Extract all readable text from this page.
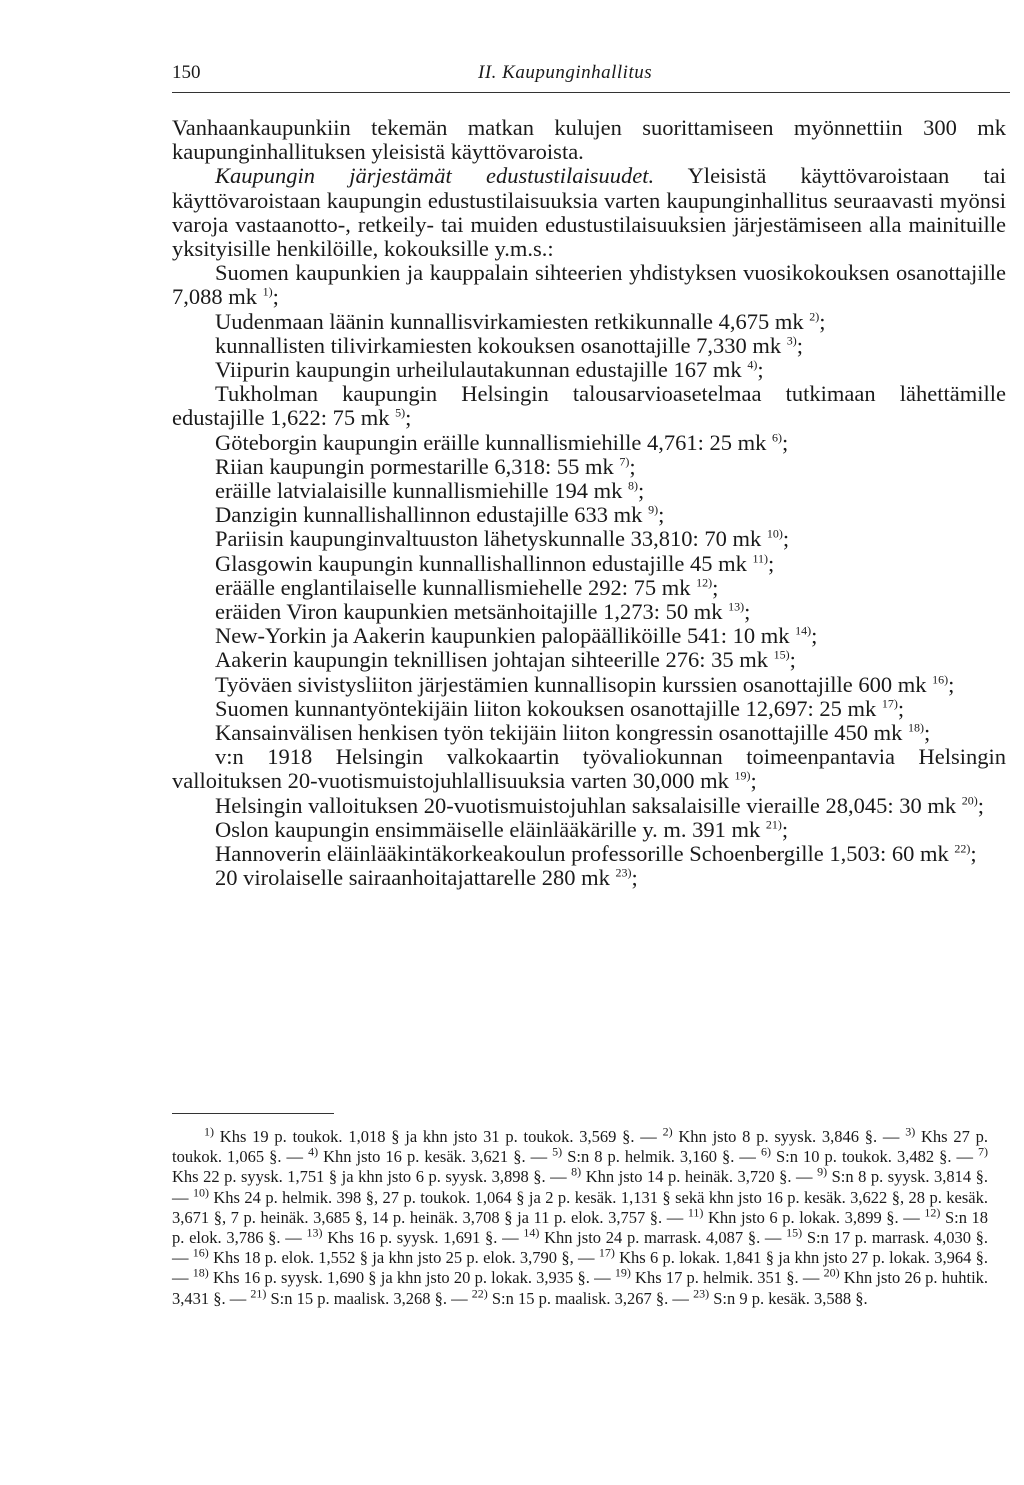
150	II. Kaupunginhallitus

Vanhaankaupunkiin tekemän matkan kulujen suorittamiseen myönnettiin 300 mk kaupunginhallituksen yleisistä käyttövaroista.

Kaupungin järjestämät edustustilaisuudet. Yleisistä käyttövaroistaan tai käyttövaroistaan kaupungin edustustilaisuuksia varten kaupunginhallitus seuraavasti myönsi varoja vastaanotto-, retkeily- tai muiden edustustilaisuuksien järjestämiseen alla mainituille yksityisille henkilöille, kokouksille y.m.s.:

Suomen kaupunkien ja kauppalain sihteerien yhdistyksen vuosikokouksen osanottajille 7,088 mk $^{1)}$;

Uudenmaan läänin kunnallisvirkamiesten retkikunnalle 4,675 mk $^{2)}$;

kunnallisten tilivirkamiesten kokouksen osanottajille 7,330 mk $^{3)}$;

Viipurin kaupungin urheilulautakunnan edustajille 167 mk $^{4)}$;

Tukholman kaupungin Helsingin talousarvioasetelmaa tutkimaan lähettämille edustajille 1,622: 75 mk $^{5)}$;

Göteborgin kaupungin eräille kunnallismiehille 4,761: 25 mk $^{6)}$;

Riian kaupungin pormestarille 6,318: 55 mk $^{7)}$;

eräille latvialaisille kunnallismiehille 194 mk $^{8)}$;

Danzigin kunnallishallinnon edustajille 633 mk $^{9)}$;

Pariisin kaupunginvaltuuston lähetyskunnalle 33,810: 70 mk $^{10)}$;

Glasgowin kaupungin kunnallishallinnon edustajille 45 mk $^{11)}$;

eräälle englantilaiselle kunnallismiehelle 292: 75 mk $^{12)}$;

eräiden Viron kaupunkien metsänhoitajille 1,273: 50 mk $^{13)}$;

New-Yorkin ja Aakerin kaupunkien palopäälliköille 541: 10 mk $^{14)}$;

Aakerin kaupungin teknillisen johtajan sihteerille 276: 35 mk $^{15)}$;

Työväen sivistysliiton järjestämien kunnallisopin kurssien osanottajille 600 mk $^{16)}$;

Suomen kunnantyöntekijäin liiton kokouksen osanottajille 12,697: 25 mk $^{17)}$;

Kansainvälisen henkisen työn tekijäin liiton kongressin osanottajille 450 mk $^{18)}$;

v:n 1918 Helsingin valkokaartin työvaliokunnan toimeenpantavia Helsingin valloituksen 20-vuotismuistojuhlallisuuksia varten 30,000 mk $^{19)}$;

Helsingin valloituksen 20-vuotismuistojuhlan saksalaisille vieraille 28,045: 30 mk $^{20)}$;

Oslon kaupungin ensimmäiselle eläinlääkärille y. m. 391 mk $^{21)}$;

Hannoverin eläinlääkintäkorkeakoulun professorille Schoenbergille 1,503: 60 mk $^{22)}$;

20 virolaiselle sairaanhoitajattarelle 280 mk $^{23)}$;

$^{1)}$ Khs 19 p. toukok. 1,018 § ja khn jsto 31 p. toukok. 3,569 §. — $^{2)}$ Khn jsto 8 p. syysk. 3,846 §. — $^{3)}$ Khs 27 p. toukok. 1,065 §. — $^{4)}$ Khn jsto 16 p. kesäk. 3,621 §. — $^{5)}$ S:n 8 p. helmik. 3,160 §. — $^{6)}$ S:n 10 p. toukok. 3,482 §. — $^{7)}$ Khs 22 p. syysk. 1,751 § ja khn jsto 6 p. syysk. 3,898 §. — $^{8)}$ Khn jsto 14 p. heinäk. 3,720 §. — $^{9)}$ S:n 8 p. syysk. 3,814 §. — $^{10)}$ Khs 24 p. helmik. 398 §, 27 p. toukok. 1,064 § ja 2 p. kesäk. 1,131 § sekä khn jsto 16 p. kesäk. 3,622 §, 28 p. kesäk. 3,671 §, 7 p. heinäk. 3,685 §, 14 p. heinäk. 3,708 § ja 11 p. elok. 3,757 §. — $^{11)}$ Khn jsto 6 p. lokak. 3,899 §. — $^{12)}$ S:n 18 p. elok. 3,786 §. — $^{13)}$ Khs 16 p. syysk. 1,691 §. — $^{14)}$ Khn jsto 24 p. marrask. 4,087 §. — $^{15)}$ S:n 17 p. marrask. 4,030 §. — $^{16)}$ Khs 18 p. elok. 1,552 § ja khn jsto 25 p. elok. 3,790 §, — $^{17)}$ Khs 6 p. lokak. 1,841 § ja khn jsto 27 p. lokak. 3,964 §. — $^{18)}$ Khs 16 p. syysk. 1,690 § ja khn jsto 20 p. lokak. 3,935 §. — $^{19)}$ Khs 17 p. helmik. 351 §. — $^{20)}$ Khn jsto 26 p. huhtik. 3,431 §. — $^{21)}$ S:n 15 p. maalisk. 3,268 §. — $^{22)}$ S:n 15 p. maalisk. 3,267 §. — $^{23)}$ S:n 9 p. kesäk. 3,588 §.
